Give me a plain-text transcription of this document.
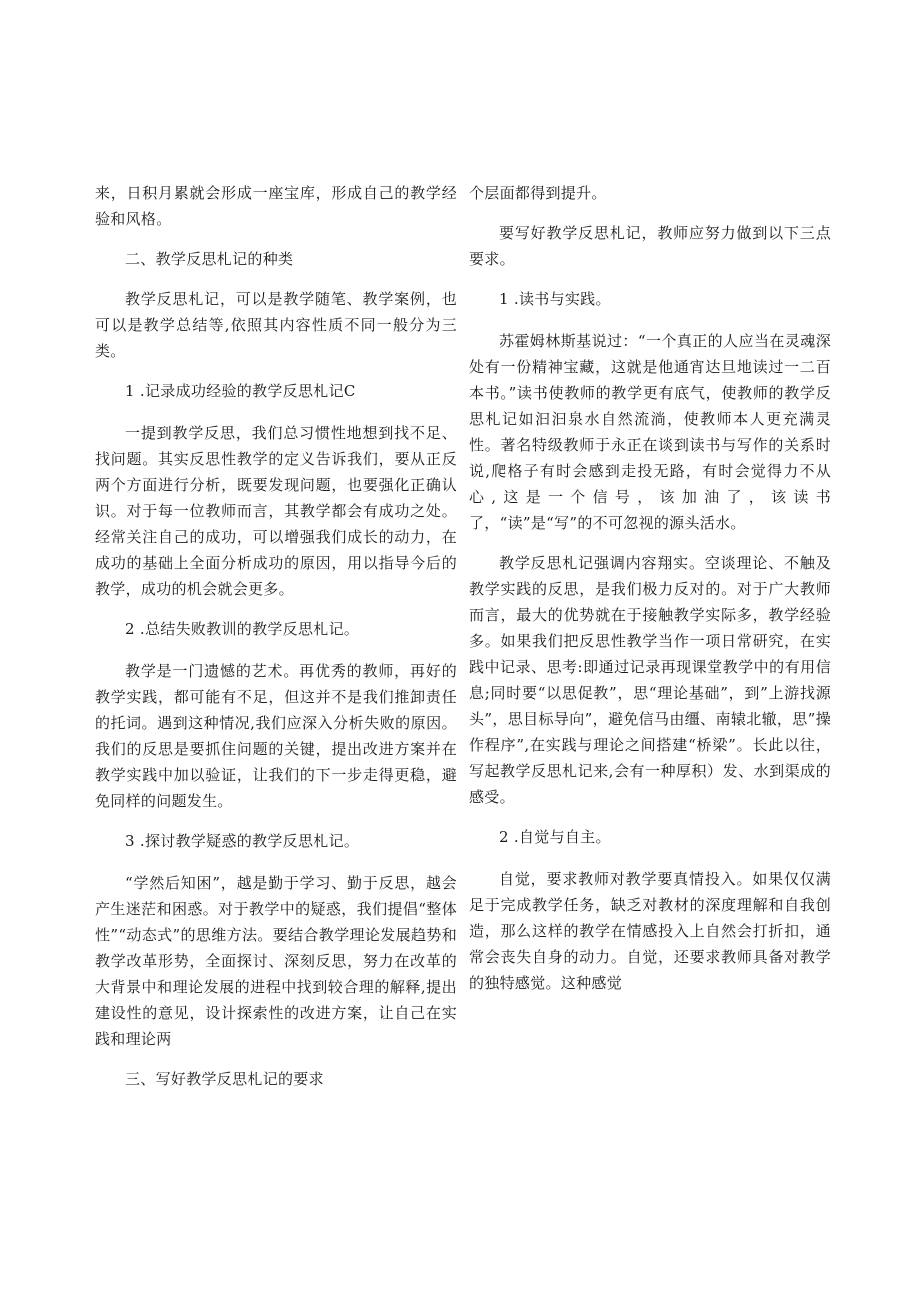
来，日积月累就会形成一座宝库，形成自己的教学经验和风格。

二、教学反思札记的种类

教学反思札记，可以是教学随笔、教学案例，也可以是教学总结等,依照其内容性质不同一般分为三类。

1 .记录成功经验的教学反思札记C

一提到教学反思，我们总习惯性地想到找不足、找问题。其实反思性教学的定义告诉我们，要从正反两个方面进行分析，既要发现问题，也要强化正确认识。对于每一位教师而言，其教学都会有成功之处。经常关注自己的成功，可以增强我们成长的动力，在成功的基础上全面分析成功的原因，用以指导今后的教学，成功的机会就会更多。

2 .总结失败教训的教学反思札记。

教学是一门遗憾的艺术。再优秀的教师，再好的教学实践，都可能有不足，但这并不是我们推卸责任的托词。遇到这种情况,我们应深入分析失败的原因。我们的反思是要抓住问题的关键，提出改进方案并在教学实践中加以验证，让我们的下一步走得更稳，避免同样的问题发生。

3 .探讨教学疑惑的教学反思札记。

“学然后知困”，越是勤于学习、勤于反思，越会产生迷茫和困惑。对于教学中的疑惑，我们提倡“整体性”“动态式”的思维方法。要结合教学理论发展趋势和教学改革形势，全面探讨、深刻反思，努力在改革的大背景中和理论发展的进程中找到较合理的解释,提出建设性的意见，设计探索性的改进方案，让自己在实践和理论两

三、写好教学反思札记的要求

个层面都得到提升。

要写好教学反思札记，教师应努力做到以下三点要求。

1 .读书与实践。

苏霍姆林斯基说过：“一个真正的人应当在灵魂深处有一份精神宝藏，这就是他通宵达旦地读过一二百本书。”读书使教师的教学更有底气，使教师的教学反思札记如汩汩泉水自然流淌，使教师本人更充满灵性。著名特级教师于永正在谈到读书与写作的关系时说,爬格子有时会感到走投无路，有时会觉得力不从心,这是一个信号，该加油了，该读书了，“读”是“写”的不可忽视的源头活水。

教学反思札记强调内容翔实。空谈理论、不触及教学实践的反思，是我们极力反对的。对于广大教师而言，最大的优势就在于接触教学实际多，教学经验多。如果我们把反思性教学当作一项日常研究，在实践中记录、思考:即通过记录再现课堂教学中的有用信息;同时要“以思促教”，思“理论基础”，到”上游找源头”，思目标导向”，避免信马由缰、南辕北辙，思”操作程序”,在实践与理论之间搭建“桥梁”。长此以往，写起教学反思札记来,会有一种厚积）发、水到渠成的感受。

2 .自觉与自主。

自觉，要求教师对教学要真情投入。如果仅仅满足于完成教学任务，缺乏对教材的深度理解和自我创造，那么这样的教学在情感投入上自然会打折扣，通常会丧失自身的动力。自觉，还要求教师具备对教学的独特感觉。这种感觉
